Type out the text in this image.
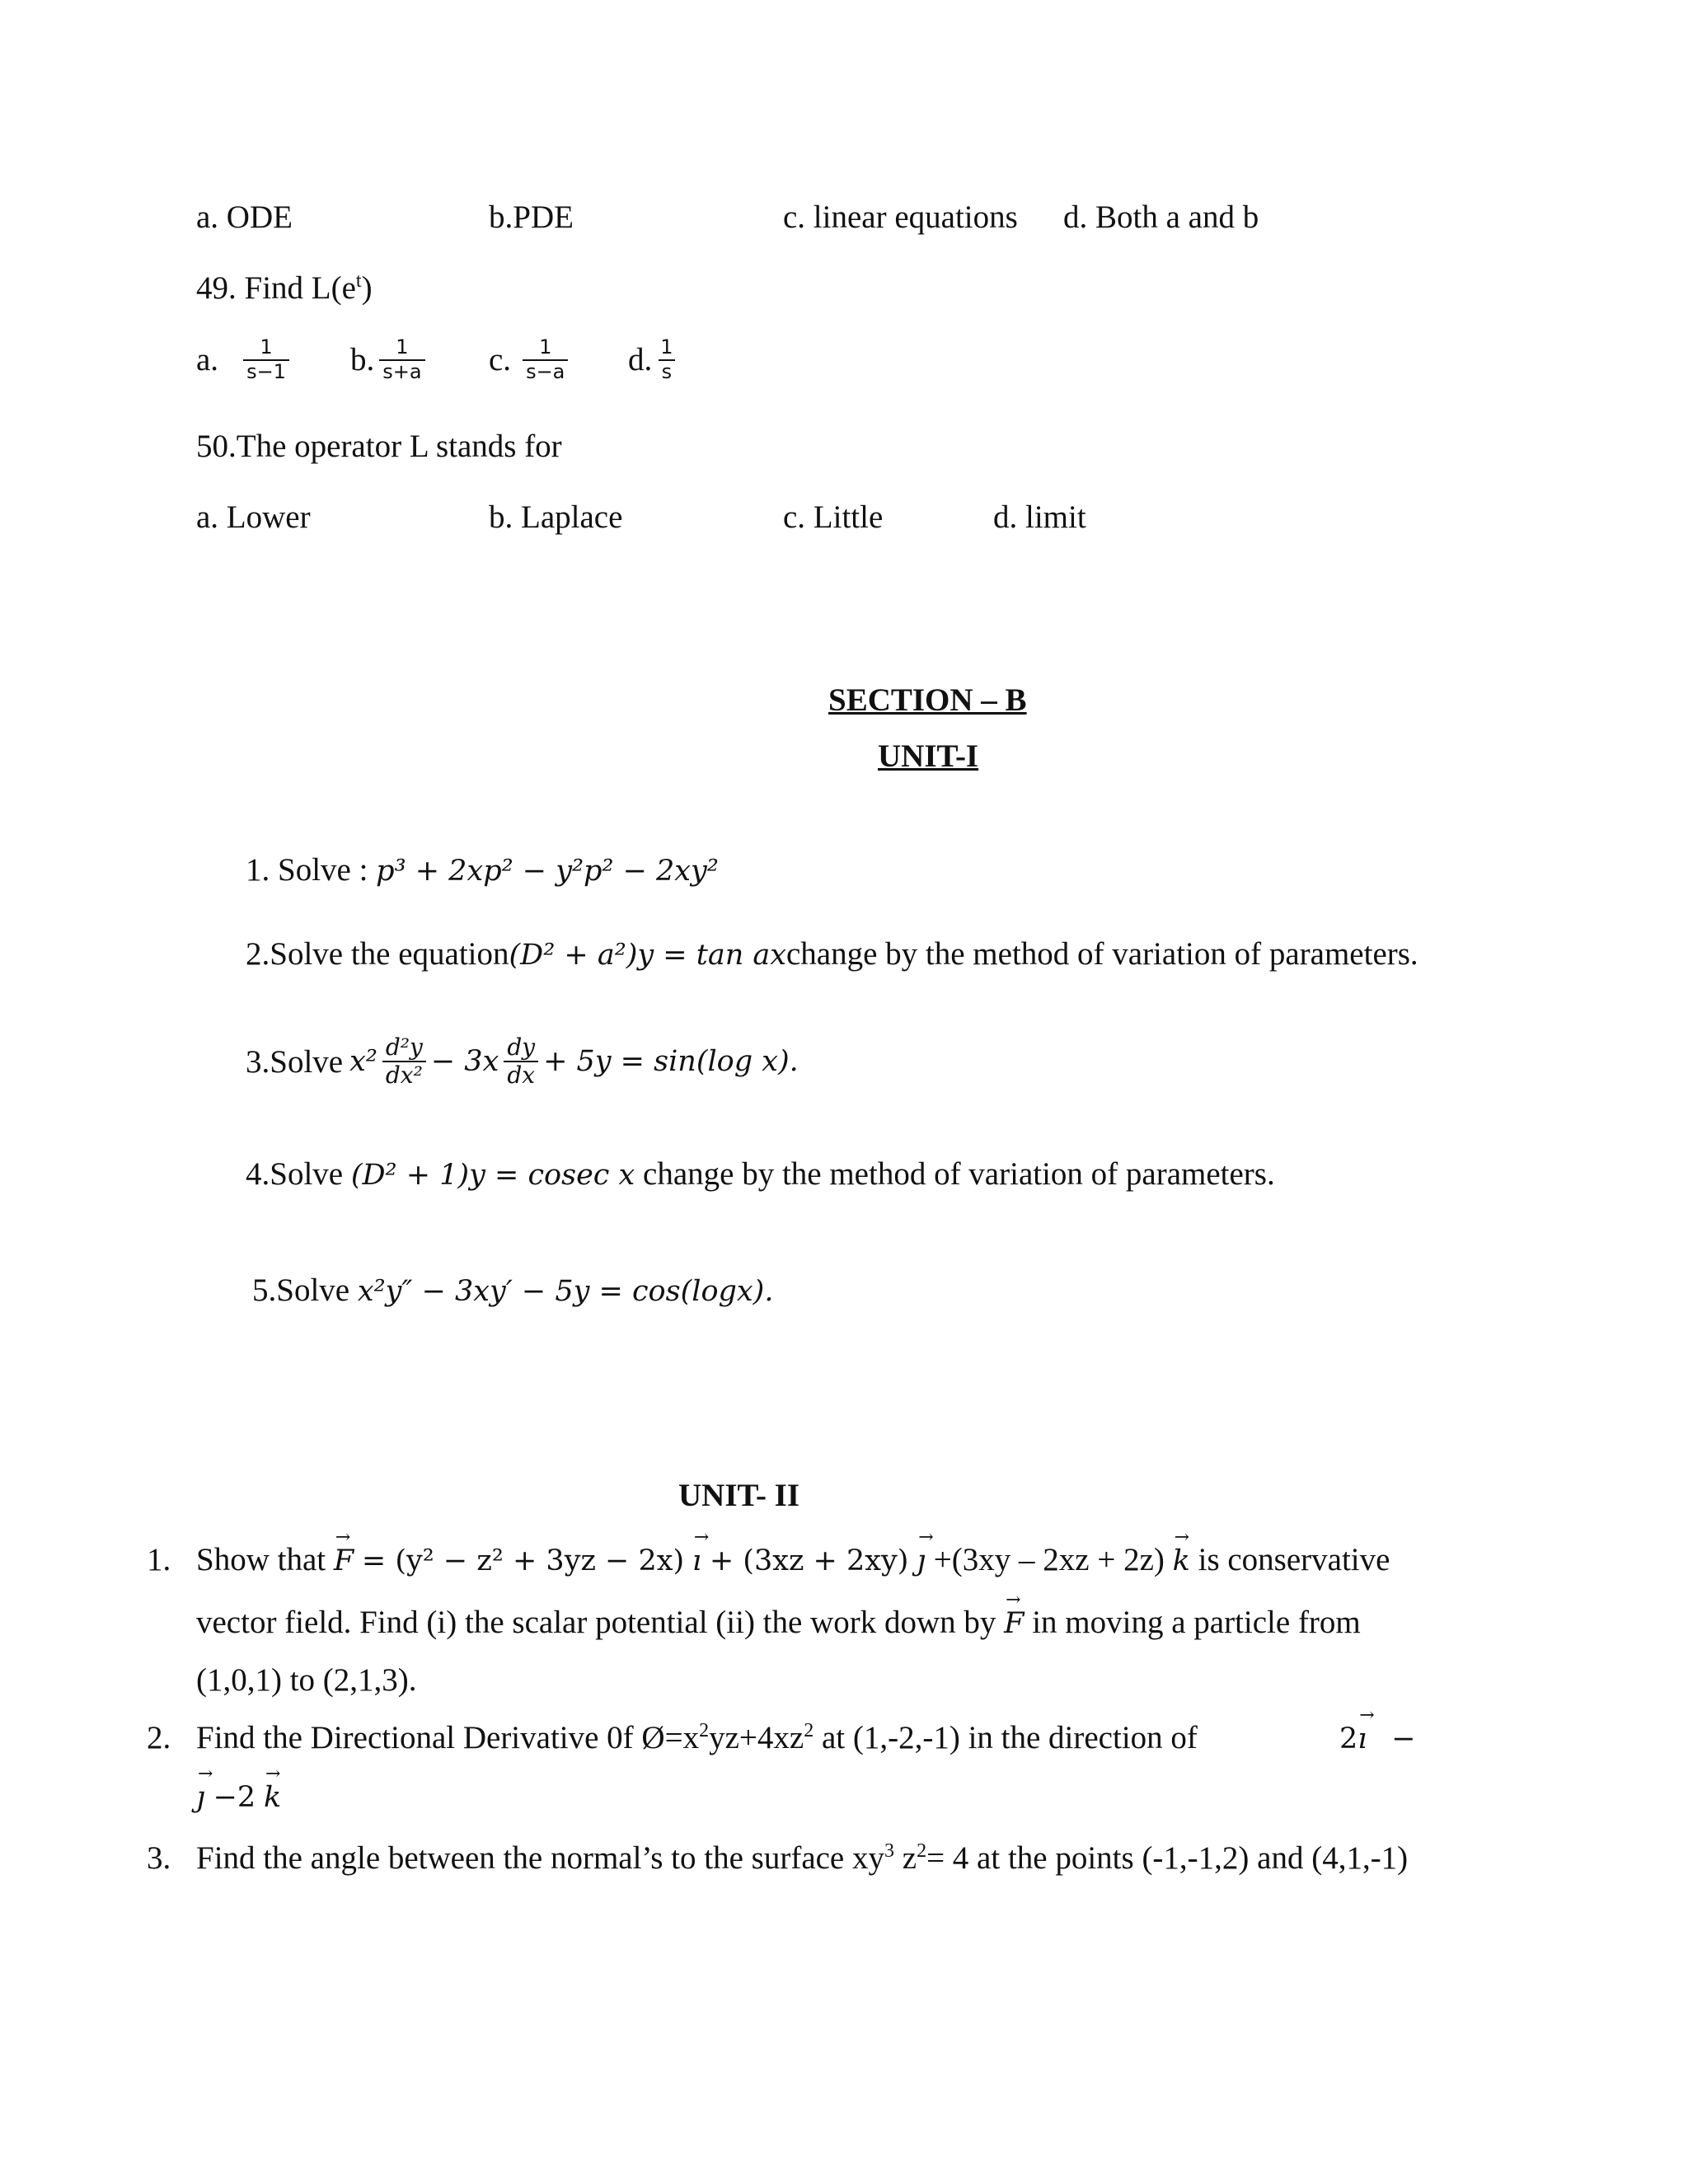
a. ODE	b.PDE	c. linear equations d. Both a and b
49. Find $L(e^t)$
a. $\frac{1}{s-1} b$. $\frac{1}{s+a} c$. $\frac{1}{s-a} d$. $\frac{1}{s}$
50.The operator L stands for
a. Lower	b. Laplace	c. Little	d. limit
SECTION – B
UNIT-I
1. Solve : p³ + 2xp² − y²p² − 2xy²
2.Solve the equation(D² + a²)y = tan axchange by the method of variation of parameters.
3.Solve $x^2 \frac{\text{d²y}}{\text{dx²}} - 3x \frac{dy}{dx} + 5y = \sin(\log$ x).
4.Solve (D² + 1)y = cosec x change by the method of variation of parameters.
5.Solve x²y″ − 3xy′ − 5y = cos(logx).
UNIT- II
1. Show that → F = (y² − z² + 3yz − 2x) → ı + (3xz + 2xy) → ȷ +(3xy – 2xz + 2z) → k is conservative
vector field. Find (i) the scalar potential (ii) the work down by → F in moving a particle from
(1,0,1) to (2,1,3).
2. Find the Directional Derivative 0f $Ø=x^2yz+4xz^2$ at (1,-2,-1) in the direction of	2→ ı −
→ ȷ −2 → k
3. Find the angle between the normal’s to the surface $xy^3$ $z^2= 4$ at the points (-1,-1,2) and (4,1,-1)
